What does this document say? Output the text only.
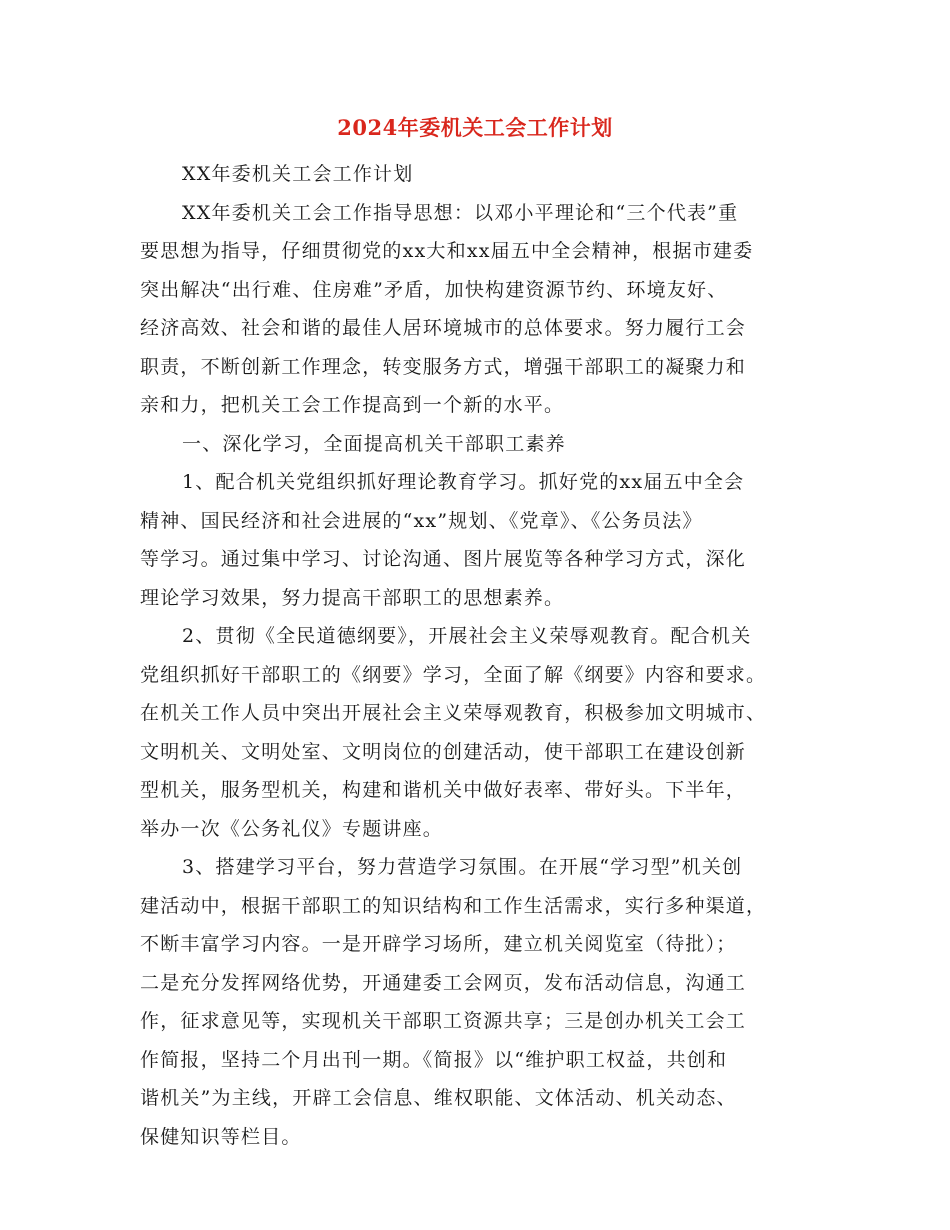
2024年委机关工会工作计划
XX年委机关工会工作计划
XX年委机关工会工作指导思想：以邓小平理论和“三个代表”重
要思想为指导，仔细贯彻党的xx大和xx届五中全会精神，根据市建委
突出解决“出行难、住房难”矛盾，加快构建资源节约、环境友好、
经济高效、社会和谐的最佳人居环境城市的总体要求。努力履行工会
职责，不断创新工作理念，转变服务方式，增强干部职工的凝聚力和
亲和力，把机关工会工作提高到一个新的水平。
一、深化学习，全面提高机关干部职工素养
1、配合机关党组织抓好理论教育学习。抓好党的xx届五中全会
精神、国民经济和社会进展的“xx”规划、《党章》、《公务员法》
等学习。通过集中学习、讨论沟通、图片展览等各种学习方式，深化
理论学习效果，努力提高干部职工的思想素养。
2、贯彻《全民道德纲要》，开展社会主义荣辱观教育。配合机关
党组织抓好干部职工的《纲要》学习，全面了解《纲要》内容和要求。
在机关工作人员中突出开展社会主义荣辱观教育，积极参加文明城市、
文明机关、文明处室、文明岗位的创建活动，使干部职工在建设创新
型机关，服务型机关，构建和谐机关中做好表率、带好头。下半年，
举办一次《公务礼仪》专题讲座。
3、搭建学习平台，努力营造学习氛围。在开展“学习型”机关创
建活动中，根据干部职工的知识结构和工作生活需求，实行多种渠道，
不断丰富学习内容。一是开辟学习场所，建立机关阅览室（待批）；
二是充分发挥网络优势，开通建委工会网页，发布活动信息，沟通工
作，征求意见等，实现机关干部职工资源共享；三是创办机关工会工
作简报，坚持二个月出刊一期。《简报》以“维护职工权益，共创和
谐机关”为主线，开辟工会信息、维权职能、文体活动、机关动态、
保健知识等栏目。
